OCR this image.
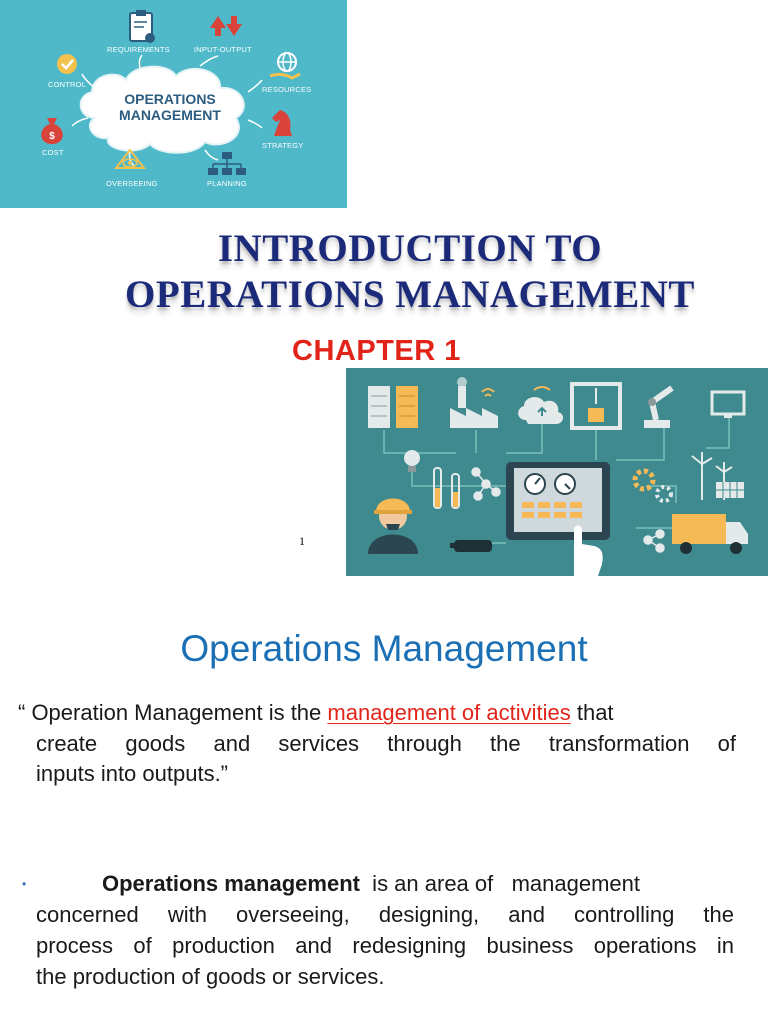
OPERATIONS
MANAGEMENT
REQUIREMENTS	INPUT-OUTPUT
CONTROL
RESOURCES
$
COST
STRATEGY
OVERSEEING	PLANNING
INTRODUCTION TO
OPERATIONS MANAGEMENT
CHAPTER 1
1
Operations Management
“ Operation Management is the management of activities that
create goods and services through the transformation of
inputs into outputs.”
•	Operations management  is an area of   management
concerned with overseeing, designing, and controlling the
process of production and redesigning business operations in
the production of goods or services.
